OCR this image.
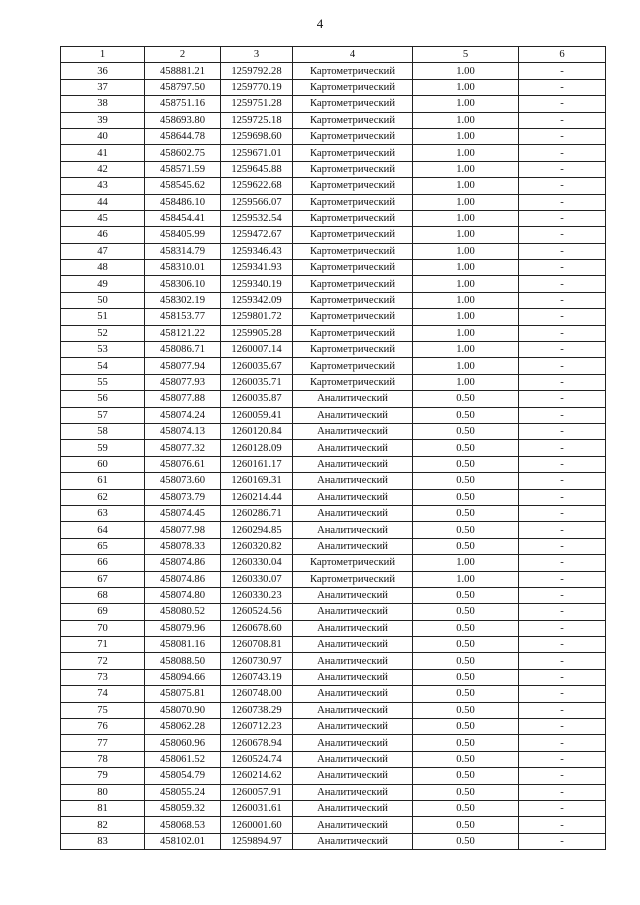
4
1	2	3	4	5	6
36	458881.21	1259792.28	Картометрический	1.00	-
37	458797.50	1259770.19	Картометрический	1.00	-
38	458751.16	1259751.28	Картометрический	1.00	-
39	458693.80	1259725.18	Картометрический	1.00	-
40	458644.78	1259698.60	Картометрический	1.00	-
41	458602.75	1259671.01	Картометрический	1.00	-
42	458571.59	1259645.88	Картометрический	1.00	-
43	458545.62	1259622.68	Картометрический	1.00	-
44	458486.10	1259566.07	Картометрический	1.00	-
45	458454.41	1259532.54	Картометрический	1.00	-
46	458405.99	1259472.67	Картометрический	1.00	-
47	458314.79	1259346.43	Картометрический	1.00	-
48	458310.01	1259341.93	Картометрический	1.00	-
49	458306.10	1259340.19	Картометрический	1.00	-
50	458302.19	1259342.09	Картометрический	1.00	-
51	458153.77	1259801.72	Картометрический	1.00	-
52	458121.22	1259905.28	Картометрический	1.00	-
53	458086.71	1260007.14	Картометрический	1.00	-
54	458077.94	1260035.67	Картометрический	1.00	-
55	458077.93	1260035.71	Картометрический	1.00	-
56	458077.88	1260035.87	Аналитический	0.50	-
57	458074.24	1260059.41	Аналитический	0.50	-
58	458074.13	1260120.84	Аналитический	0.50	-
59	458077.32	1260128.09	Аналитический	0.50	-
60	458076.61	1260161.17	Аналитический	0.50	-
61	458073.60	1260169.31	Аналитический	0.50	-
62	458073.79	1260214.44	Аналитический	0.50	-
63	458074.45	1260286.71	Аналитический	0.50	-
64	458077.98	1260294.85	Аналитический	0.50	-
65	458078.33	1260320.82	Аналитический	0.50	-
66	458074.86	1260330.04	Картометрический	1.00	-
67	458074.86	1260330.07	Картометрический	1.00	-
68	458074.80	1260330.23	Аналитический	0.50	-
69	458080.52	1260524.56	Аналитический	0.50	-
70	458079.96	1260678.60	Аналитический	0.50	-
71	458081.16	1260708.81	Аналитический	0.50	-
72	458088.50	1260730.97	Аналитический	0.50	-
73	458094.66	1260743.19	Аналитический	0.50	-
74	458075.81	1260748.00	Аналитический	0.50	-
75	458070.90	1260738.29	Аналитический	0.50	-
76	458062.28	1260712.23	Аналитический	0.50	-
77	458060.96	1260678.94	Аналитический	0.50	-
78	458061.52	1260524.74	Аналитический	0.50	-
79	458054.79	1260214.62	Аналитический	0.50	-
80	458055.24	1260057.91	Аналитический	0.50	-
81	458059.32	1260031.61	Аналитический	0.50	-
82	458068.53	1260001.60	Аналитический	0.50	-
83	458102.01	1259894.97	Аналитический	0.50	-
